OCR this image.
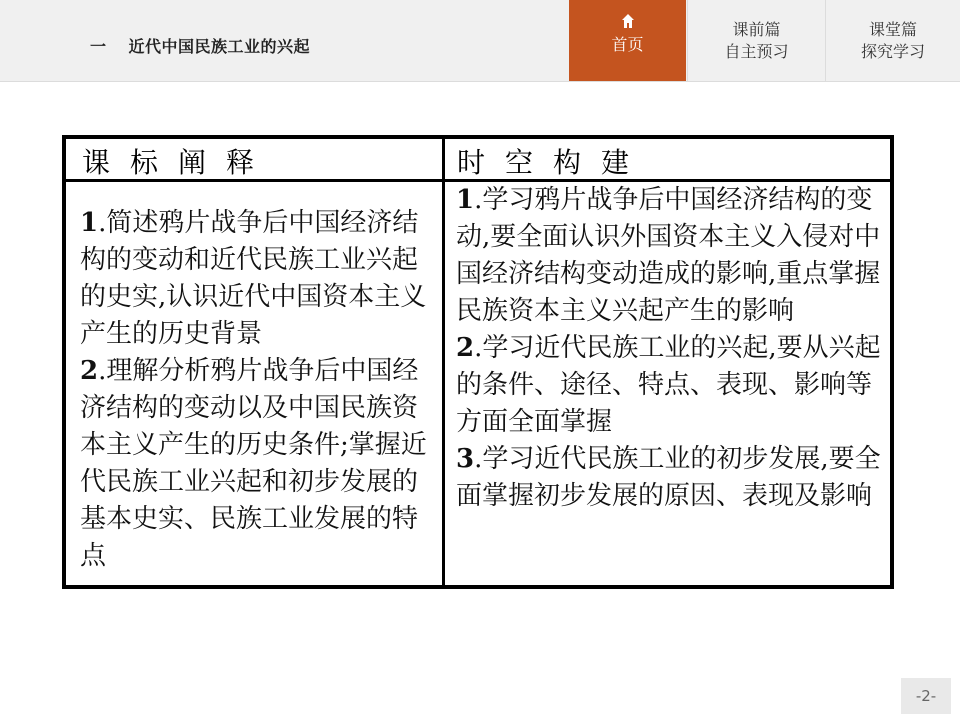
一 近代中国民族工业的兴起	首页
课前篇
自主预习
课堂篇
探究学习
课标阐释	时空构建

1.简述鸦片战争后中国经济结构的变动和近代民族工业兴起的史实,认识近代中国资本主义产生的历史背景

2.理解分析鸦片战争后中国经济结构的变动以及中国民族资本主义产生的历史条件;掌握近代民族工业兴起和初步发展的基本史实、民族工业发展的特点

1.学习鸦片战争后中国经济结构的变动,要全面认识外国资本主义入侵对中国经济结构变动造成的影响,重点掌握民族资本主义兴起产生的影响

2.学习近代民族工业的兴起,要从兴起的条件、途径、特点、表现、影响等方面全面掌握

3.学习近代民族工业的初步发展,要全面掌握初步发展的原因、表现及影响

-2-
